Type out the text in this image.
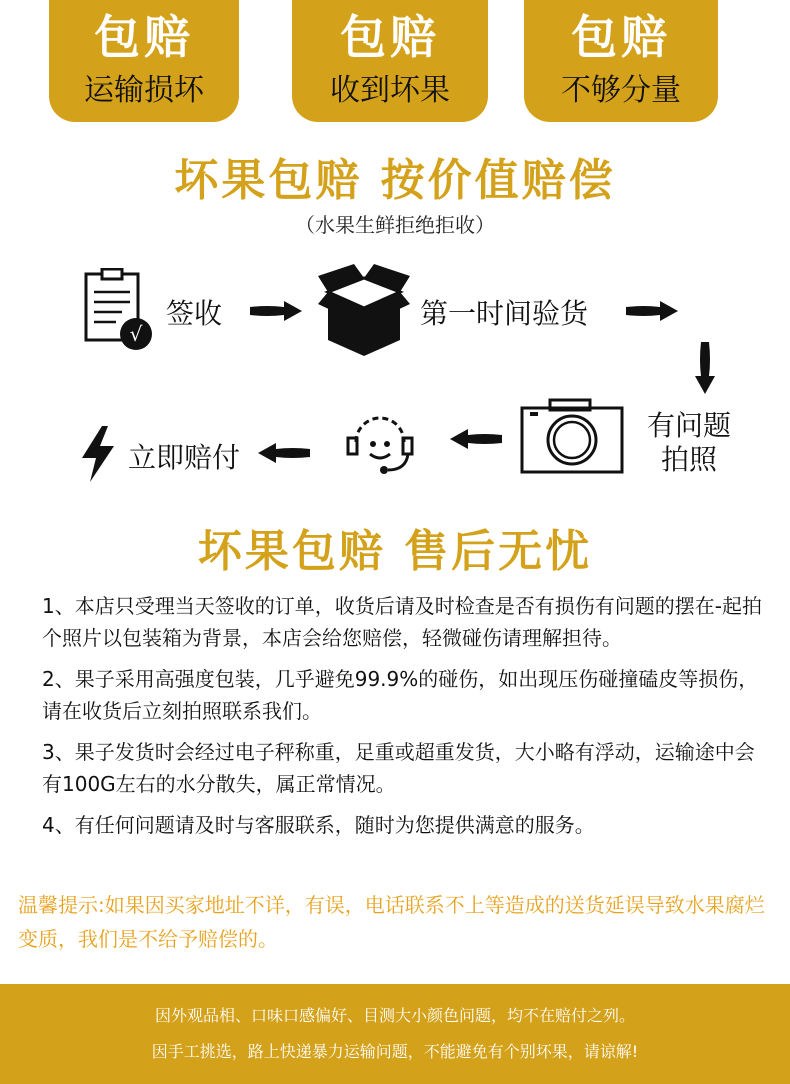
包赔
运输损坏
包赔
收到坏果
包赔
不够分量
坏果包赔 按价值赔偿
（水果生鲜拒绝拒收）
√
签收	第一时间验货
有问题
拍照
立即赔付
坏果包赔 售后无忧

1、本店只受理当天签收的订单，收货后请及时检查是否有损伤有问题的摆在-起拍个照片以包装箱为背景，本店会给您赔偿，轻微碰伤请理解担待。

2、果子采用高强度包装，几乎避免99.9%的碰伤，如出现压伤碰撞磕皮等损伤，请在收货后立刻拍照联系我们。

3、果子发货时会经过电子秤称重，足重或超重发货，大小略有浮动，运输途中会有100G左右的水分散失，属正常情况。

4、有任何问题请及时与客服联系，随时为您提供满意的服务。

温馨提示:如果因买家地址不详，有误，电话联系不上等造成的送货延误导致水果腐烂变质，我们是不给予赔偿的。
因外观品相、口味口感偏好、目测大小颜色问题，均不在赔付之列。
因手工挑选，路上快递暴力运输问题，不能避免有个别坏果，请谅解!
